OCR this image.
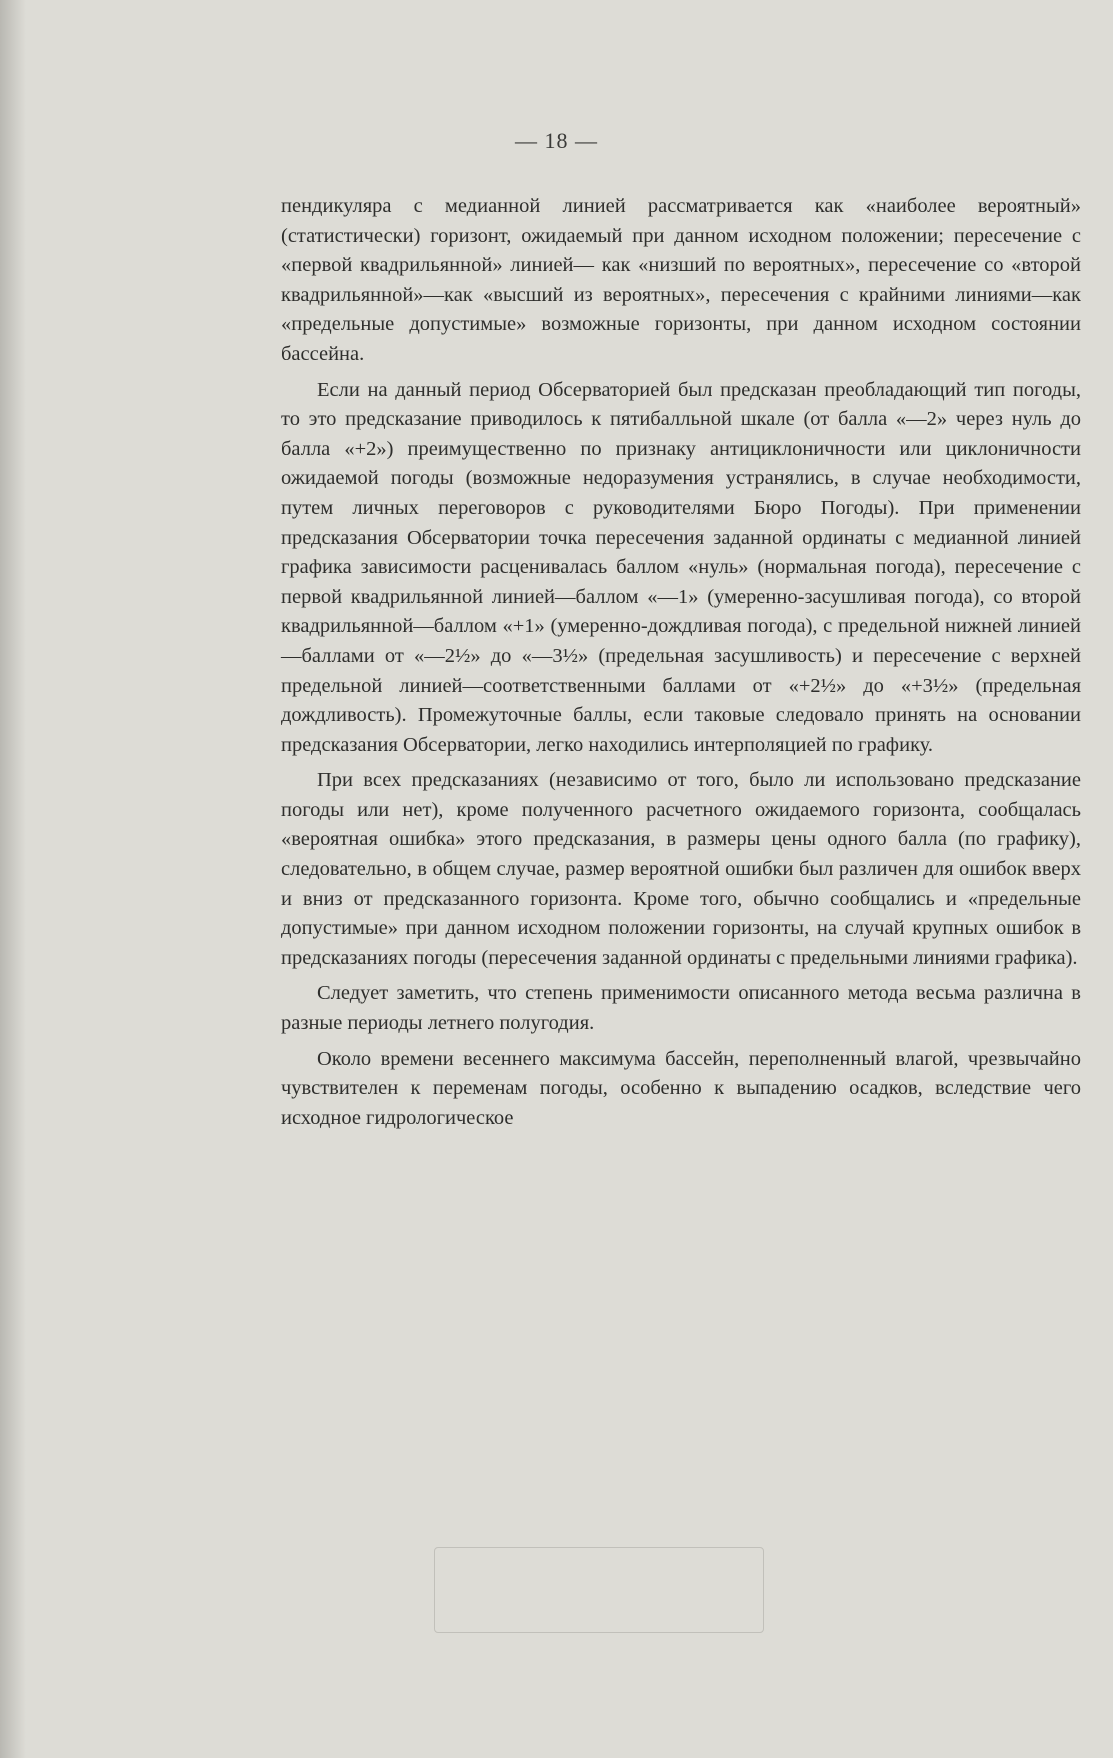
— 18 —

пендикуляра с медианной линией рассматривается как «наиболее вероятный» (статистически) горизонт, ожидаемый при данном исходном положении; пересечение с «первой квадрильянной» линией— как «низший по вероятных», пересечение со «второй квадрильянной»—как «высший из вероятных», пересечения с крайними линиями—как «предельные допустимые» возможные горизонты, при данном исходном состоянии бассейна.

Если на данный период Обсерваторией был предсказан преобладающий тип погоды, то это предсказание приводилось к пятибалльной шкале (от балла «—2» через нуль до балла «+2») преимущественно по признаку антициклоничности или циклоничности ожидаемой погоды (возможные недоразумения устранялись, в случае необходимости, путем личных переговоров с руководителями Бюро Погоды). При применении предсказания Обсерватории точка пересечения заданной ординаты с медианной линией графика зависимости расценивалась баллом «нуль» (нормальная погода), пересечение с первой квадрильянной линией—баллом «—1» (умеренно-засушливая погода), со второй квадрильянной—баллом «+1» (умеренно-дождливая погода), с предельной нижней линией—баллами от «—2½» до «—3½» (предельная засушливость) и пересечение с верхней предельной линией—соответственными баллами от «+2½» до «+3½» (предельная дождливость). Промежуточные баллы, если таковые следовало принять на основании предсказания Обсерватории, легко находились интерполяцией по графику.

При всех предсказаниях (независимо от того, было ли использовано предсказание погоды или нет), кроме полученного расчетного ожидаемого горизонта, сообщалась «вероятная ошибка» этого предсказания, в размеры цены одного балла (по графику), следовательно, в общем случае, размер вероятной ошибки был различен для ошибок вверх и вниз от предсказанного горизонта. Кроме того, обычно сообщались и «предельные допустимые» при данном исходном положении горизонты, на случай крупных ошибок в предсказаниях погоды (пересечения заданной ординаты с предельными линиями графика).

Следует заметить, что степень применимости описанного метода весьма различна в разные периоды летнего полугодия.

Около времени весеннего максимума бассейн, переполненный влагой, чрезвычайно чувствителен к переменам погоды, особенно к выпадению осадков, вследствие чего исходное гидрологическое
